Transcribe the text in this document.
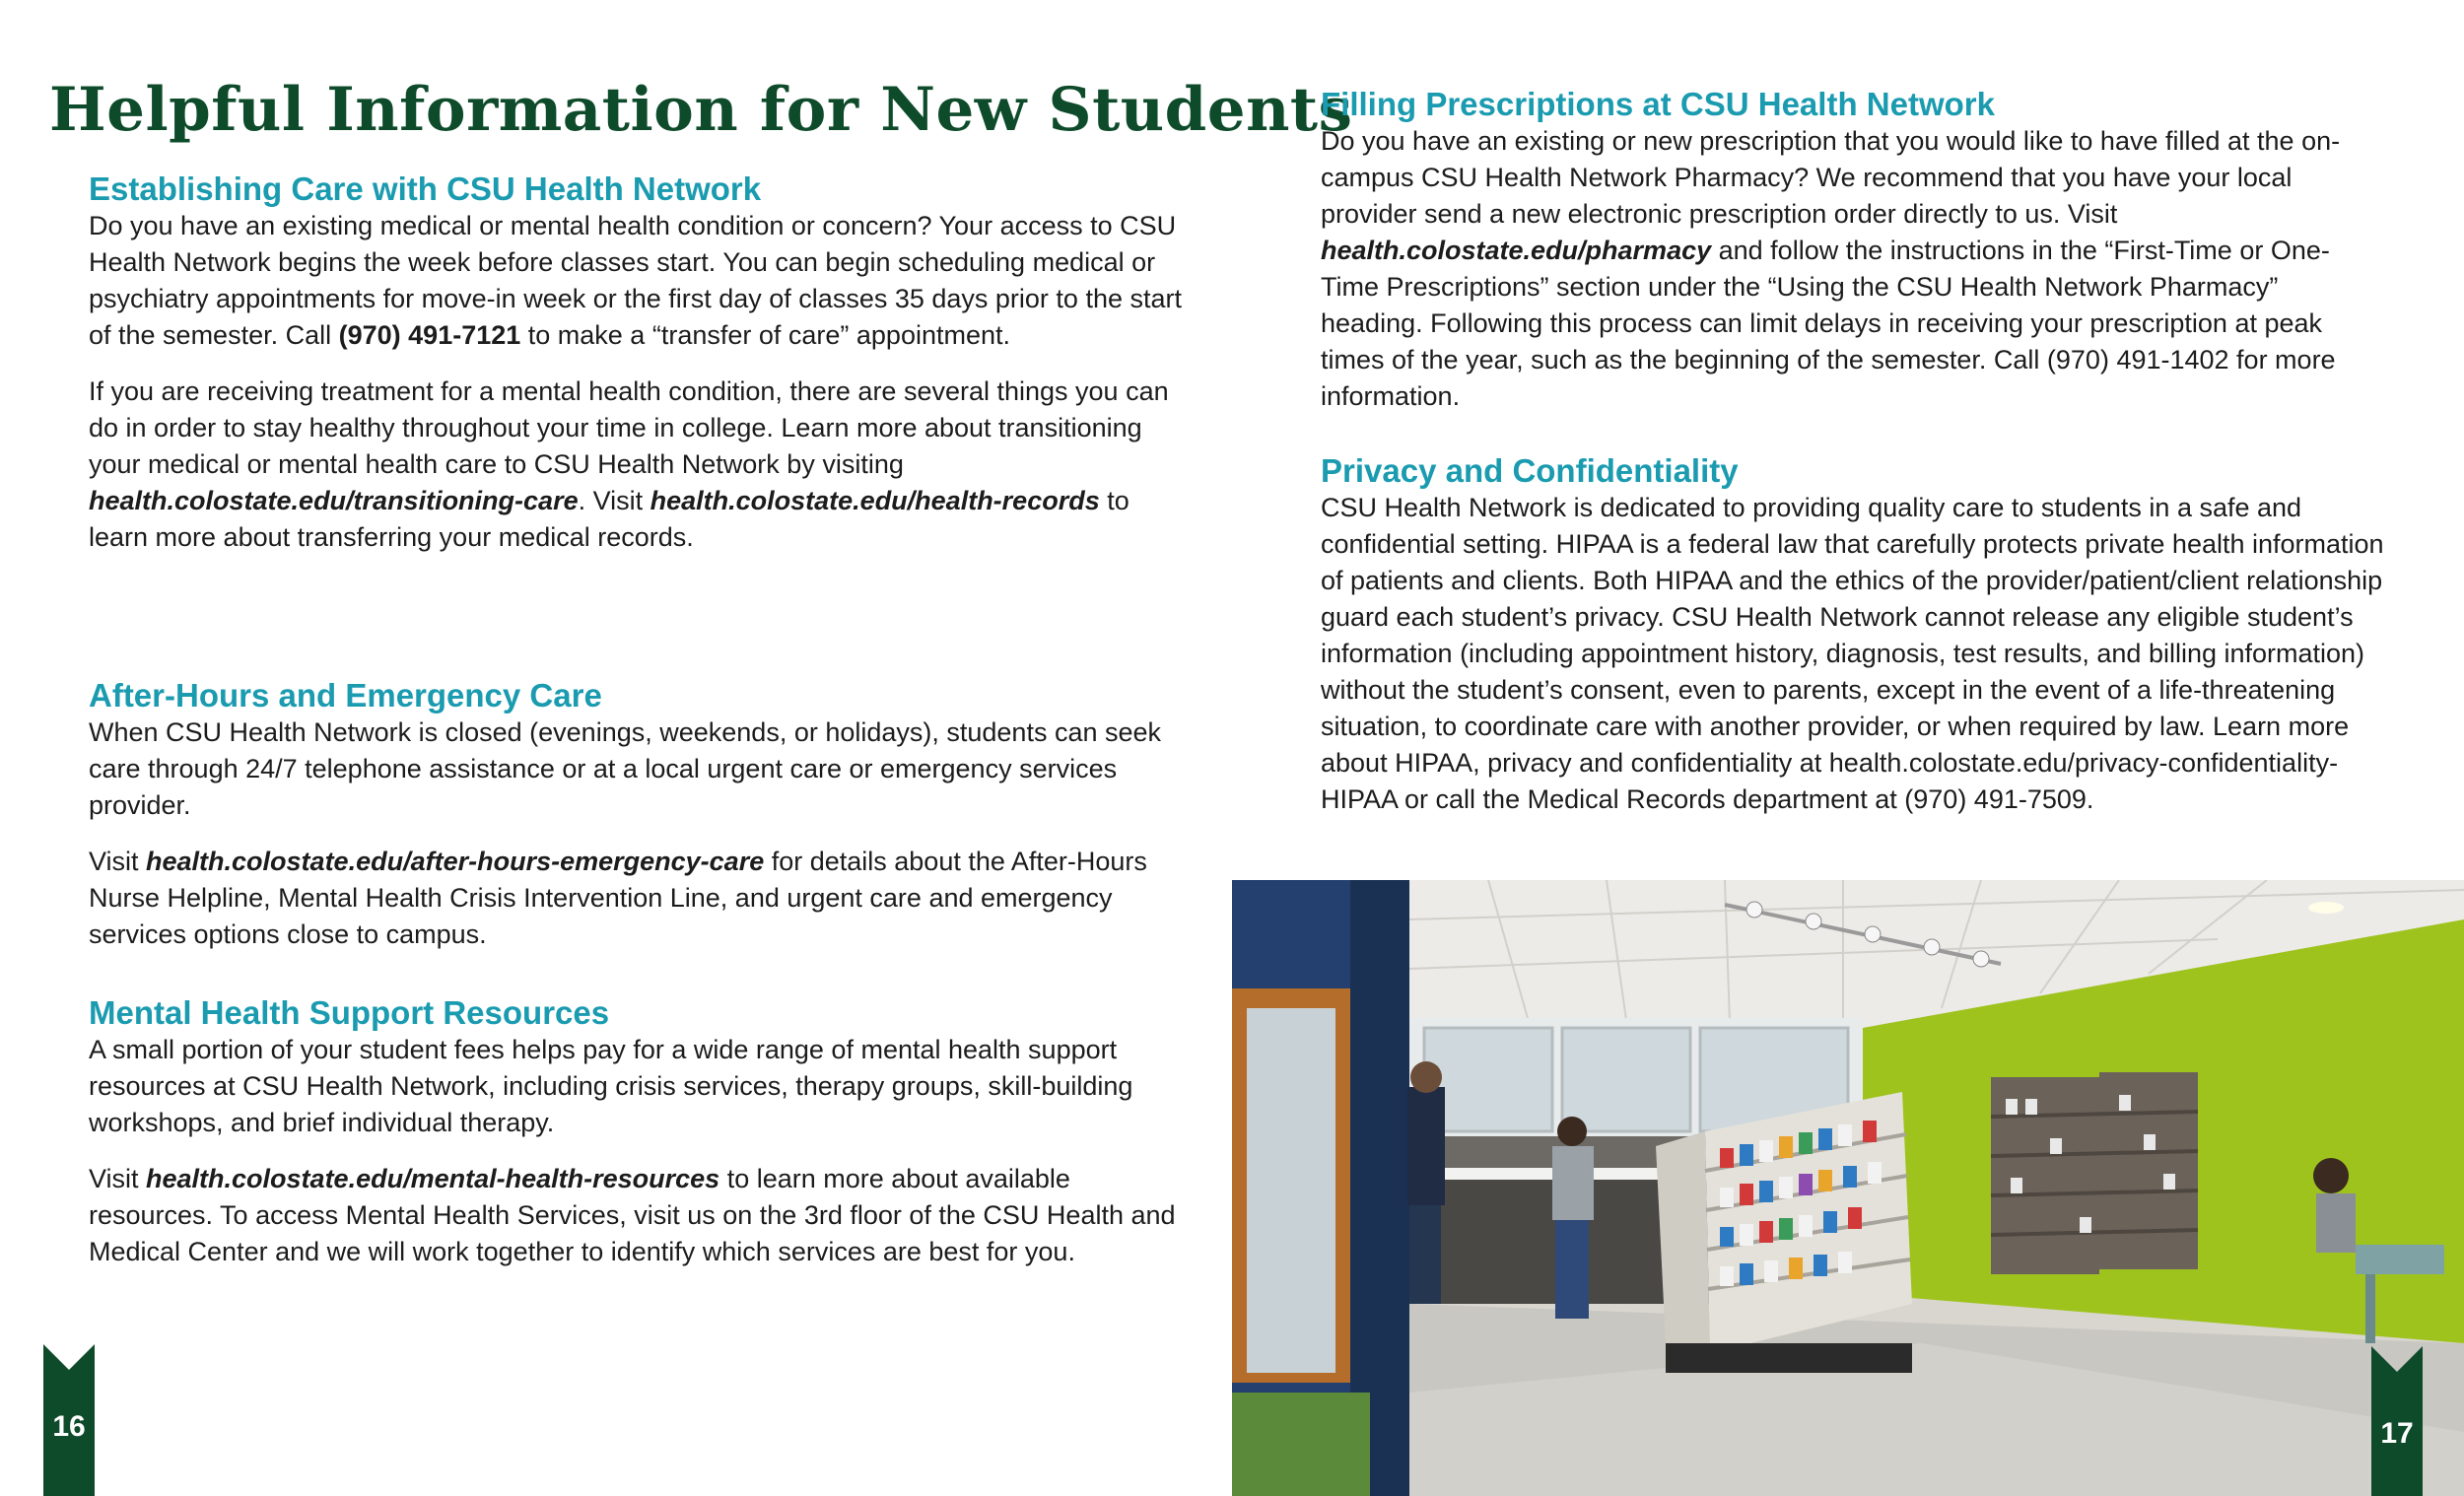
Helpful Information for New Students
Establishing Care with CSU Health Network

Do you have an existing medical or mental health condition or concern? Your access to CSU Health Network begins the week before classes start. You can begin scheduling medical or psychiatry appointments for move-in week or the first day of classes 35 days prior to the start of the semester. Call (970) 491-7121 to make a “transfer of care” appointment.

If you are receiving treatment for a mental health condition, there are several things you can do in order to stay healthy throughout your time in college. Learn more about transitioning your medical or mental health care to CSU Health Network by visiting health.colostate.edu/transitioning-care. Visit health.colostate.edu/health-records to learn more about transferring your medical records.

After-Hours and Emergency Care

When CSU Health Network is closed (evenings, weekends, or holidays), students can seek care through 24/7 telephone assistance or at a local urgent care or emergency services provider.

Visit health.colostate.edu/after-hours-emergency-care for details about the After-Hours Nurse Helpline, Mental Health Crisis Intervention Line, and urgent care and emergency services options close to campus.

Mental Health Support Resources

A small portion of your student fees helps pay for a wide range of mental health support resources at CSU Health Network, including crisis services, therapy groups, skill-building workshops, and brief individual therapy.

Visit health.colostate.edu/mental-health-resources to learn more about available resources. To access Mental Health Services, visit us on the 3rd floor of the CSU Health and Medical Center and we will work together to identify which services are best for you.

Filling Prescriptions at CSU Health Network

Do you have an existing or new prescription that you would like to have filled at the on-campus CSU Health Network Pharmacy? We recommend that you have your local provider send a new electronic prescription order directly to us. Visit health.colostate.edu/pharmacy and follow the instructions in the “First-Time or One-Time Prescriptions” section under the “Using the CSU Health Network Pharmacy” heading. Following this process can limit delays in receiving your prescription at peak times of the year, such as the beginning of the semester. Call (970) 491-1402 for more information.

Privacy and Confidentiality

CSU Health Network is dedicated to providing quality care to students in a safe and confidential setting. HIPAA is a federal law that carefully protects private health information of patients and clients. Both HIPAA and the ethics of the provider/patient/client relationship guard each student’s privacy. CSU Health Network cannot release any eligible student’s information (including appointment history, diagnosis, test results, and billing information) without the student’s consent, even to parents, except in the event of a life-threatening situation, to coordinate care with another provider, or when required by law. Learn more about HIPAA, privacy and confidentiality at health.colostate.edu/privacy-confidentiality-HIPAA or call the Medical Records department at (970) 491-7509.

16	17
